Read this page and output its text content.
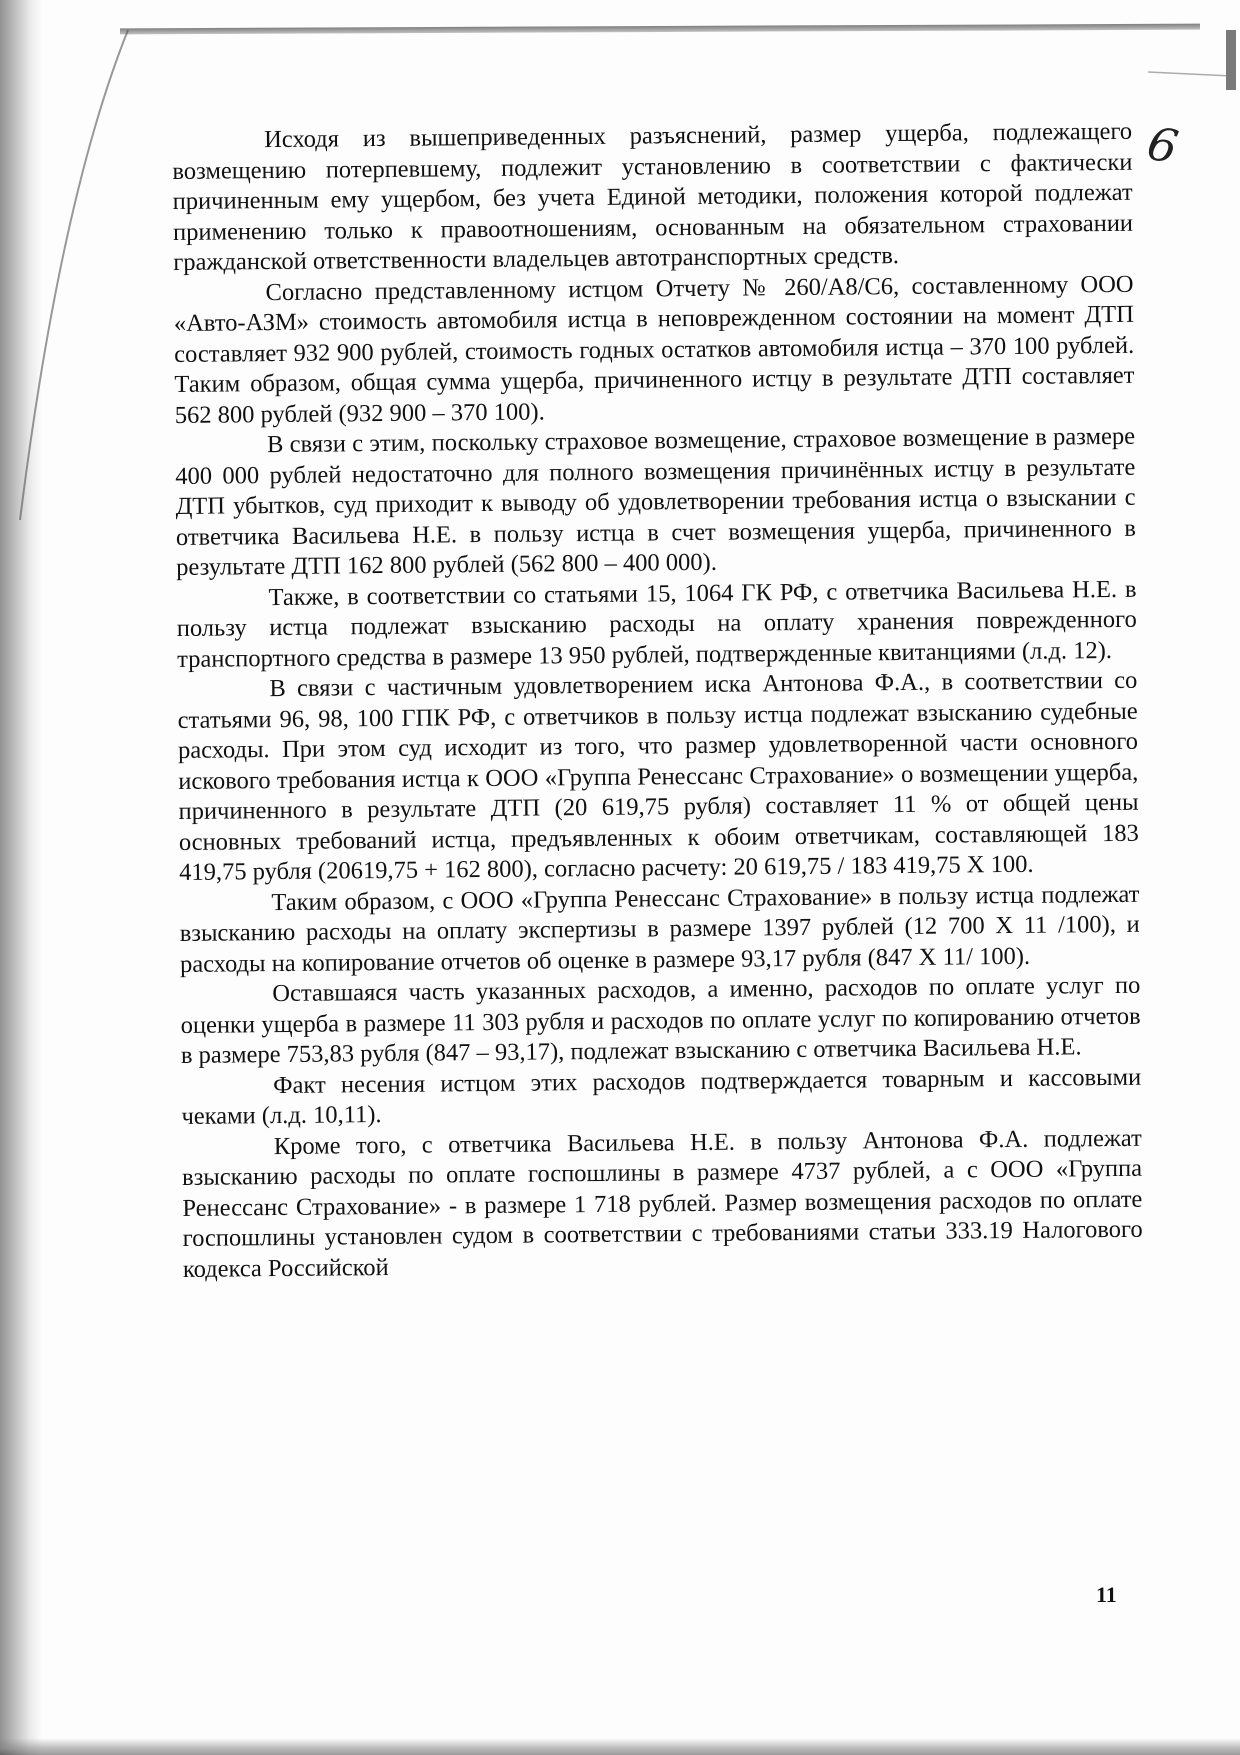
6

Исходя из вышеприведенных разъяснений, размер ущерба, подлежащего возмещению потерпевшему, подлежит установлению в соответствии с фактически причиненным ему ущербом, без учета Единой методики, положения которой подлежат применению только к правоотношениям, основанным на обязательном страховании гражданской ответственности владельцев автотранспортных средств.

Согласно представленному истцом Отчету № 260/А8/С6, составленному ООО «Авто-АЗМ» стоимость автомобиля истца в неповрежденном состоянии на момент ДТП составляет 932 900 рублей, стоимость годных остатков автомобиля истца – 370 100 рублей. Таким образом, общая сумма ущерба, причиненного истцу в результате ДТП составляет 562 800 рублей (932 900 – 370 100).

В связи с этим, поскольку страховое возмещение, страховое возмещение в размере 400 000 рублей недостаточно для полного возмещения причинённых истцу в результате ДТП убытков, суд приходит к выводу об удовлетворении требования истца о взыскании с ответчика Васильева Н.Е. в пользу истца в счет возмещения ущерба, причиненного в результате ДТП 162 800 рублей (562 800 – 400 000).

Также, в соответствии со статьями 15, 1064 ГК РФ, с ответчика Васильева Н.Е. в пользу истца подлежат взысканию расходы на оплату хранения поврежденного транспортного средства в размере 13 950 рублей, подтвержденные квитанциями (л.д. 12).

В связи с частичным удовлетворением иска Антонова Ф.А., в соответствии со статьями 96, 98, 100 ГПК РФ, с ответчиков в пользу истца подлежат взысканию судебные расходы. При этом суд исходит из того, что размер удовлетворенной части основного искового требования истца к ООО «Группа Ренессанс Страхование» о возмещении ущерба, причиненного в результате ДТП (20 619,75 рубля) составляет 11 % от общей цены основных требований истца, предъявленных к обоим ответчикам, составляющей 183 419,75 рубля (20619,75 + 162 800), согласно расчету: 20 619,75 / 183 419,75 Х 100.

Таким образом, с ООО «Группа Ренессанс Страхование» в пользу истца подлежат взысканию расходы на оплату экспертизы в размере 1397 рублей (12 700 Х 11 /100), и расходы на копирование отчетов об оценке в размере 93,17 рубля (847 Х 11/ 100).

Оставшаяся часть указанных расходов, а именно, расходов по оплате услуг по оценки ущерба в размере 11 303 рубля и расходов по оплате услуг по копированию отчетов в размере 753,83 рубля (847 – 93,17), подлежат взысканию с ответчика Васильева Н.Е.

Факт несения истцом этих расходов подтверждается товарным и кассовыми чеками (л.д. 10,11).

Кроме того, с ответчика Васильева Н.Е. в пользу Антонова Ф.А. подлежат взысканию расходы по оплате госпошлины в размере 4737 рублей, а с ООО «Группа Ренессанс Страхование» - в размере 1 718 рублей. Размер возмещения расходов по оплате госпошлины установлен судом в соответствии с требованиями статьи 333.19 Налогового кодекса Российской

11
